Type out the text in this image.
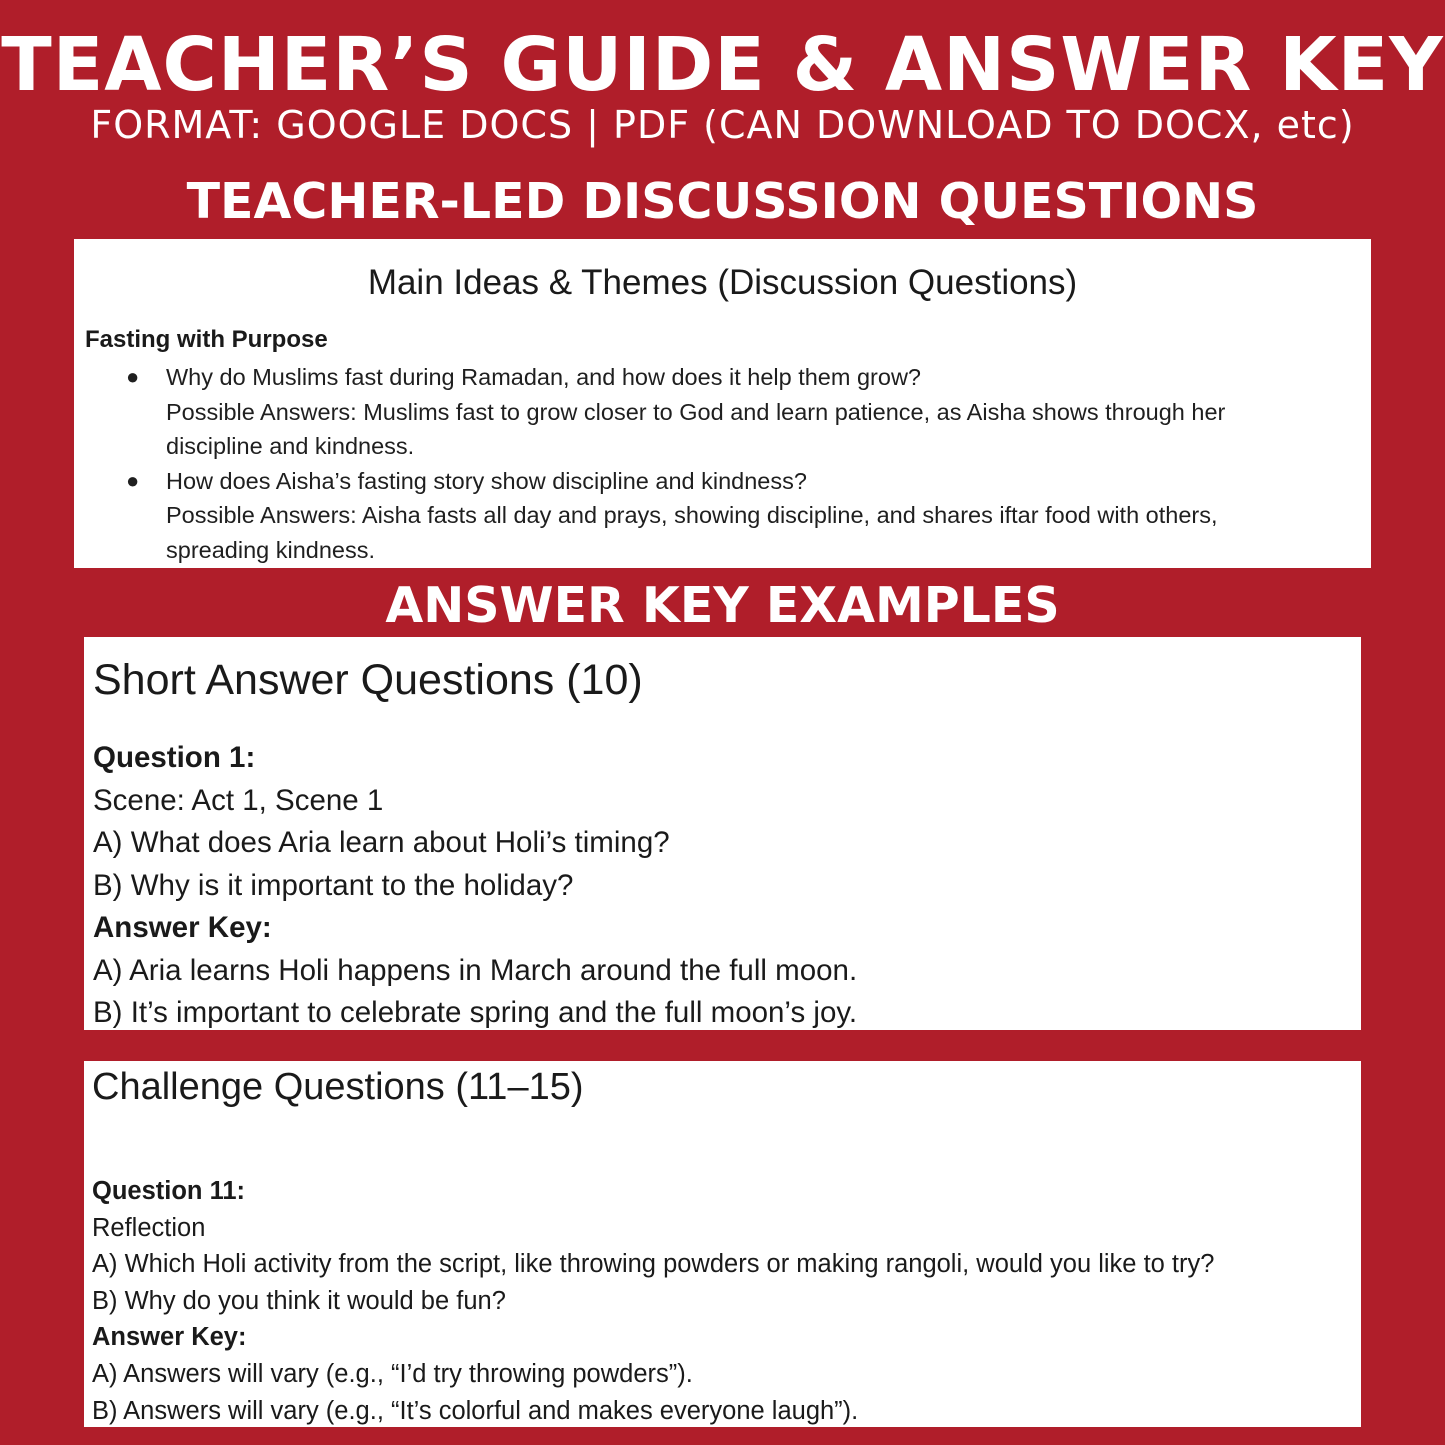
TEACHER’S GUIDE & ANSWER KEY
FORMAT: GOOGLE DOCS | PDF (CAN DOWNLOAD TO DOCX, etc)
TEACHER-LED DISCUSSION QUESTIONS
Main Ideas & Themes (Discussion Questions)
Fasting with Purpose
● Why do Muslims fast during Ramadan, and how does it help them grow?
Possible Answers: Muslims fast to grow closer to God and learn patience, as Aisha shows through her
discipline and kindness.
● How does Aisha’s fasting story show discipline and kindness?
Possible Answers: Aisha fasts all day and prays, showing discipline, and shares iftar food with others,
spreading kindness.
ANSWER KEY EXAMPLES
Short Answer Questions (10)
Question 1:
Scene: Act 1, Scene 1
A) What does Aria learn about Holi’s timing?
B) Why is it important to the holiday?
Answer Key:
A) Aria learns Holi happens in March around the full moon.
B) It’s important to celebrate spring and the full moon’s joy.
Challenge Questions (11–15)
Question 11:
Reflection
A) Which Holi activity from the script, like throwing powders or making rangoli, would you like to try?
B) Why do you think it would be fun?
Answer Key:
A) Answers will vary (e.g., “I’d try throwing powders”).
B) Answers will vary (e.g., “It’s colorful and makes everyone laugh”).
